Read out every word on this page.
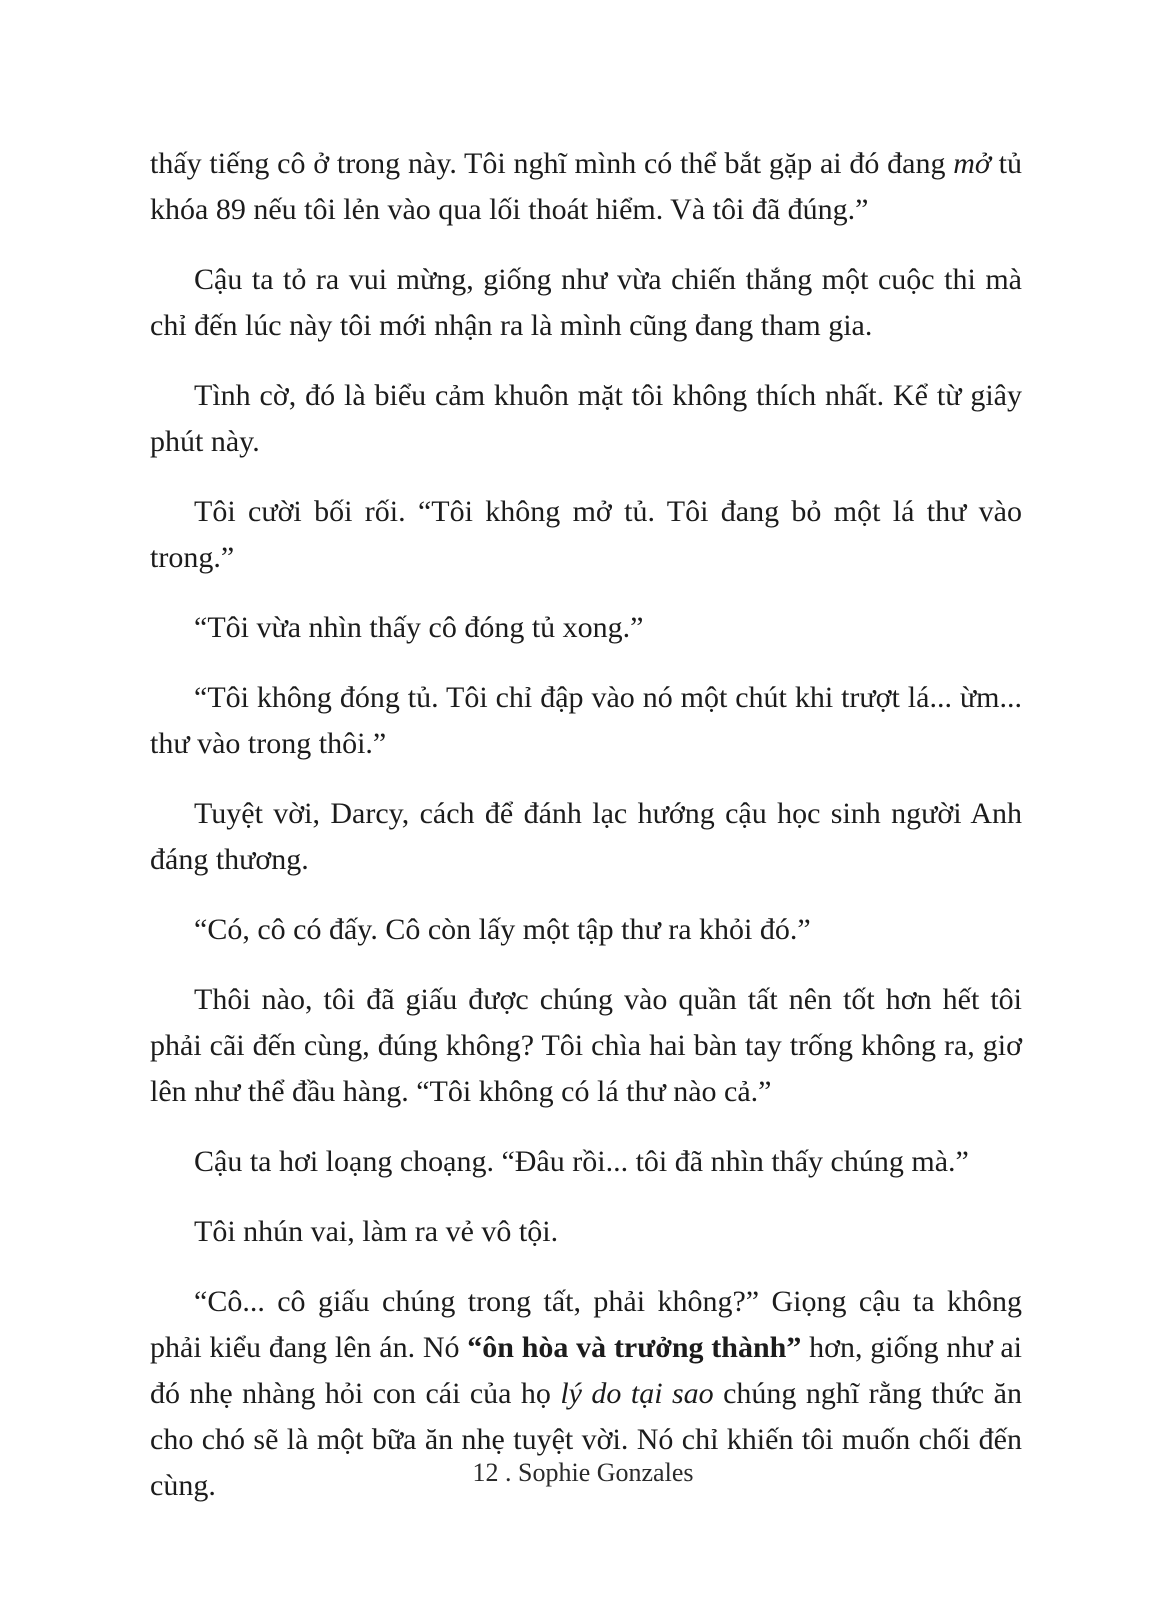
thấy tiếng cô ở trong này. Tôi nghĩ mình có thể bắt gặp ai đó đang mở tủ khóa 89 nếu tôi lẻn vào qua lối thoát hiểm. Và tôi đã đúng.”

Cậu ta tỏ ra vui mừng, giống như vừa chiến thắng một cuộc thi mà chỉ đến lúc này tôi mới nhận ra là mình cũng đang tham gia.

Tình cờ, đó là biểu cảm khuôn mặt tôi không thích nhất. Kể từ giây phút này.

Tôi cười bối rối. “Tôi không mở tủ. Tôi đang bỏ một lá thư vào trong.”

“Tôi vừa nhìn thấy cô đóng tủ xong.”

“Tôi không đóng tủ. Tôi chỉ đập vào nó một chút khi trượt lá... ừm... thư vào trong thôi.”

Tuyệt vời, Darcy, cách để đánh lạc hướng cậu học sinh người Anh đáng thương.

“Có, cô có đấy. Cô còn lấy một tập thư ra khỏi đó.”

Thôi nào, tôi đã giấu được chúng vào quần tất nên tốt hơn hết tôi phải cãi đến cùng, đúng không? Tôi chìa hai bàn tay trống không ra, giơ lên như thể đầu hàng. “Tôi không có lá thư nào cả.”

Cậu ta hơi loạng choạng. “Đâu rồi... tôi đã nhìn thấy chúng mà.”

Tôi nhún vai, làm ra vẻ vô tội.

“Cô... cô giấu chúng trong tất, phải không?” Giọng cậu ta không phải kiểu đang lên án. Nó “ôn hòa và trưởng thành” hơn, giống như ai đó nhẹ nhàng hỏi con cái của họ lý do tại sao chúng nghĩ rằng thức ăn cho chó sẽ là một bữa ăn nhẹ tuyệt vời. Nó chỉ khiến tôi muốn chối đến cùng.	12 . Sophie Gonzales
